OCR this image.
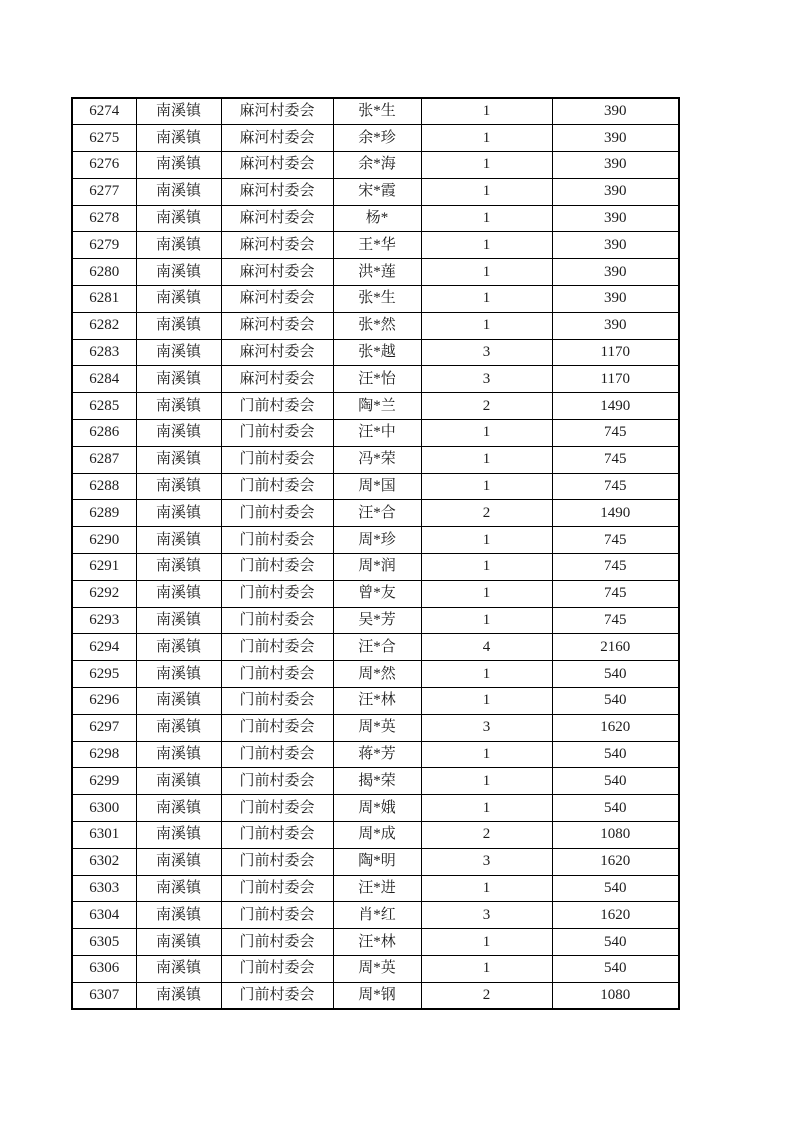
6274	南溪镇	麻河村委会	张*生	1	390
6275	南溪镇	麻河村委会	余*珍	1	390
6276	南溪镇	麻河村委会	余*海	1	390
6277	南溪镇	麻河村委会	宋*霞	1	390
6278	南溪镇	麻河村委会	杨*	1	390
6279	南溪镇	麻河村委会	王*华	1	390
6280	南溪镇	麻河村委会	洪*莲	1	390
6281	南溪镇	麻河村委会	张*生	1	390
6282	南溪镇	麻河村委会	张*然	1	390
6283	南溪镇	麻河村委会	张*越	3	1170
6284	南溪镇	麻河村委会	汪*怡	3	1170
6285	南溪镇	门前村委会	陶*兰	2	1490
6286	南溪镇	门前村委会	汪*中	1	745
6287	南溪镇	门前村委会	冯*荣	1	745
6288	南溪镇	门前村委会	周*国	1	745
6289	南溪镇	门前村委会	汪*合	2	1490
6290	南溪镇	门前村委会	周*珍	1	745
6291	南溪镇	门前村委会	周*润	1	745
6292	南溪镇	门前村委会	曾*友	1	745
6293	南溪镇	门前村委会	吴*芳	1	745
6294	南溪镇	门前村委会	汪*合	4	2160
6295	南溪镇	门前村委会	周*然	1	540
6296	南溪镇	门前村委会	汪*林	1	540
6297	南溪镇	门前村委会	周*英	3	1620
6298	南溪镇	门前村委会	蒋*芳	1	540
6299	南溪镇	门前村委会	揭*荣	1	540
6300	南溪镇	门前村委会	周*娥	1	540
6301	南溪镇	门前村委会	周*成	2	1080
6302	南溪镇	门前村委会	陶*明	3	1620
6303	南溪镇	门前村委会	汪*进	1	540
6304	南溪镇	门前村委会	肖*红	3	1620
6305	南溪镇	门前村委会	汪*林	1	540
6306	南溪镇	门前村委会	周*英	1	540
6307	南溪镇	门前村委会	周*钢	2	1080
